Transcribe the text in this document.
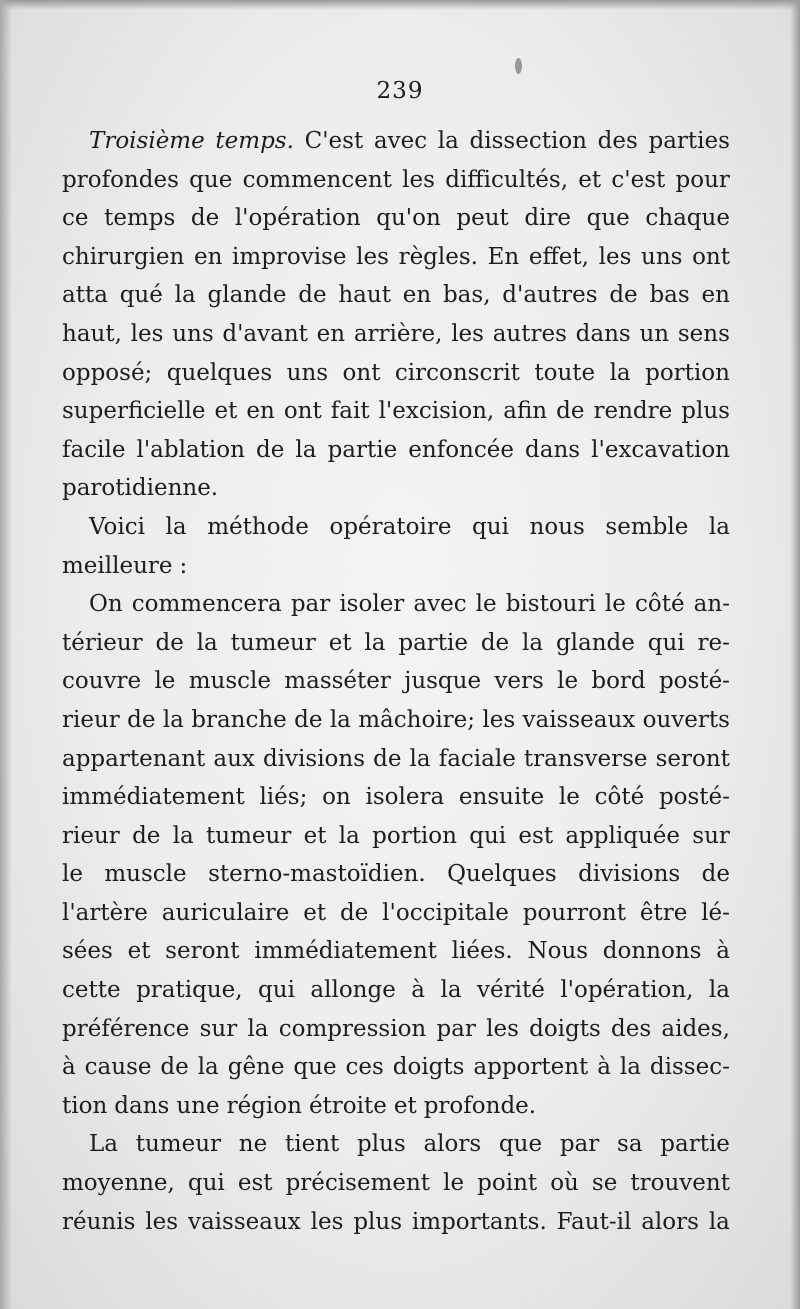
239
Troisième temps. C'est avec la dissection des parties
profondes que commencent les difficultés, et c'est pour
ce temps de l'opération qu'on peut dire que chaque
chirurgien en improvise les règles. En effet, les uns ont
atta qué la glande de haut en bas, d'autres de bas en
haut, les uns d'avant en arrière, les autres dans un sens
opposé; quelques uns ont circonscrit toute la portion
superficielle et en ont fait l'excision, afin de rendre plus
facile l'ablation de la partie enfoncée dans l'excavation
parotidienne.
Voici la méthode opératoire qui nous semble la
meilleure :
On commencera par isoler avec le bistouri le côté an-
térieur de la tumeur et la partie de la glande qui re-
couvre le muscle masséter jusque vers le bord posté-
rieur de la branche de la mâchoire; les vaisseaux ouverts
appartenant aux divisions de la faciale transverse seront
immédiatement liés; on isolera ensuite le côté posté-
rieur de la tumeur et la portion qui est appliquée sur
le muscle sterno-mastoïdien. Quelques divisions de
l'artère auriculaire et de l'occipitale pourront être lé-
sées et seront immédiatement liées. Nous donnons à
cette pratique, qui allonge à la vérité l'opération, la
préférence sur la compression par les doigts des aides,
à cause de la gêne que ces doigts apportent à la dissec-
tion dans une région étroite et profonde.
La tumeur ne tient plus alors que par sa partie
moyenne, qui est précisement le point où se trouvent
réunis les vaisseaux les plus importants. Faut-il alors la
